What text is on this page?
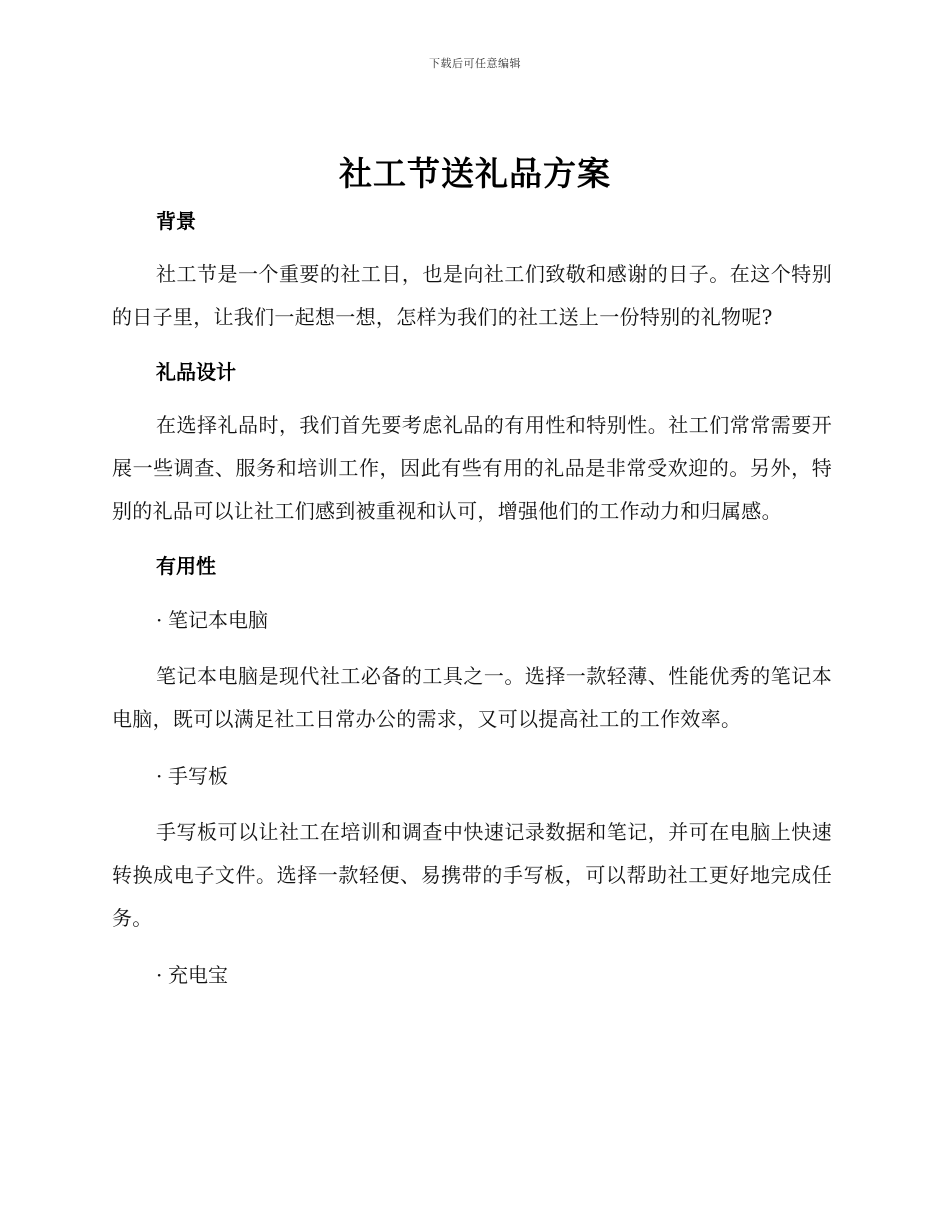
下载后可任意编辑
社工节送礼品方案
背景
社工节是一个重要的社工日，也是向社工们致敬和感谢的日子。在这个特别的日子里，让我们一起想一想，怎样为我们的社工送上一份特别的礼物呢?
礼品设计
在选择礼品时，我们首先要考虑礼品的有用性和特别性。社工们常常需要开展一些调查、服务和培训工作，因此有些有用的礼品是非常受欢迎的。另外，特别的礼品可以让社工们感到被重视和认可，增强他们的工作动力和归属感。
有用性
· 笔记本电脑
笔记本电脑是现代社工必备的工具之一。选择一款轻薄、性能优秀的笔记本电脑，既可以满足社工日常办公的需求，又可以提高社工的工作效率。
· 手写板
手写板可以让社工在培训和调查中快速记录数据和笔记，并可在电脑上快速转换成电子文件。选择一款轻便、易携带的手写板，可以帮助社工更好地完成任务。
· 充电宝
